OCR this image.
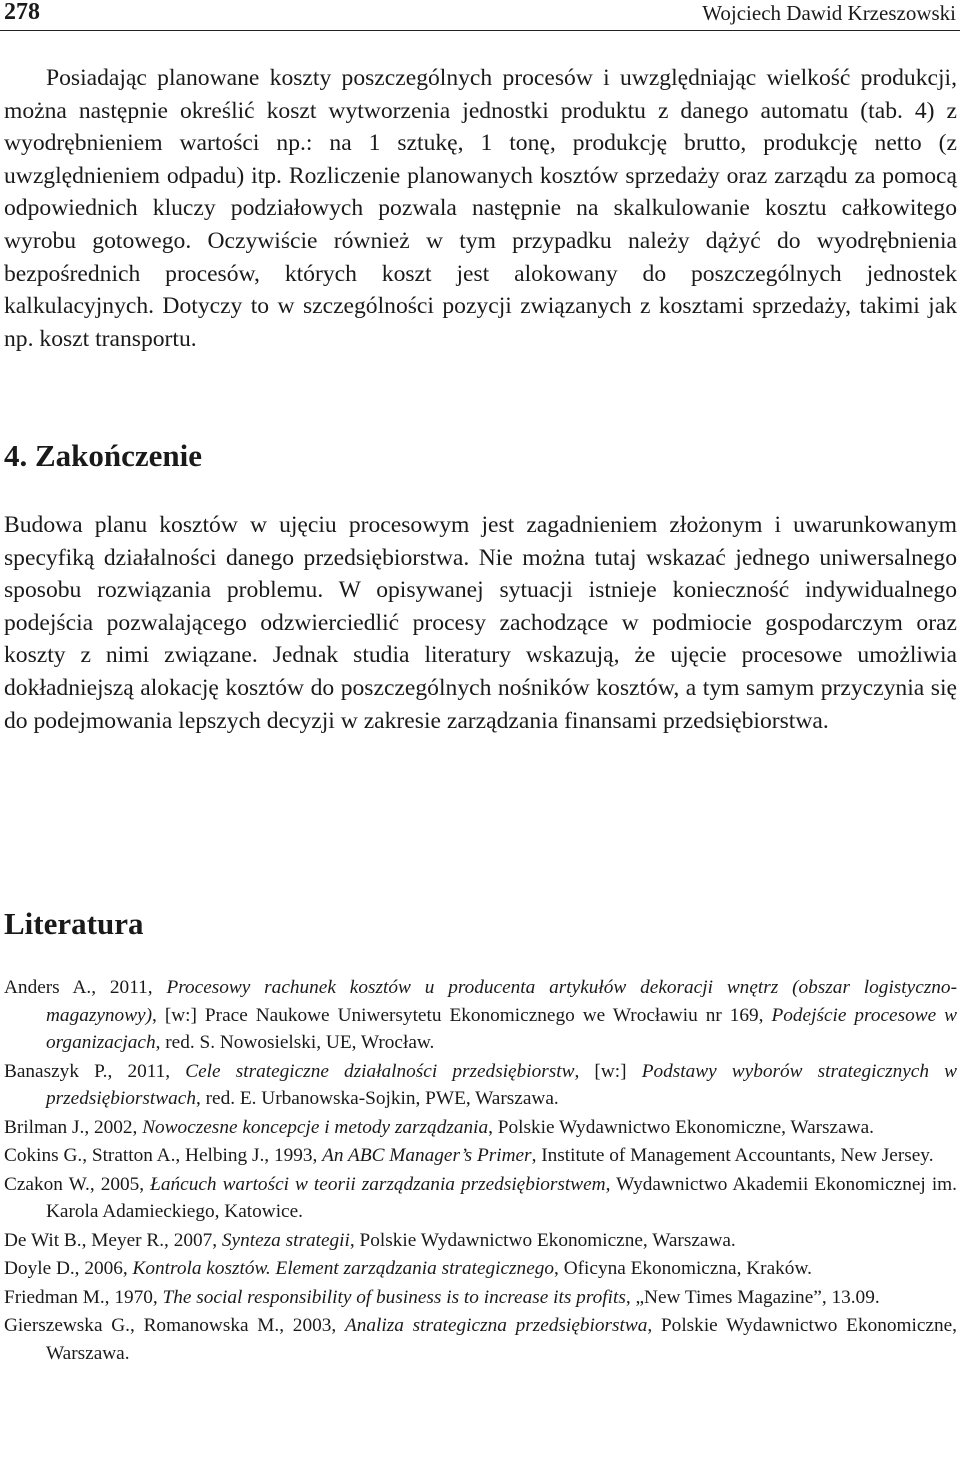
278	Wojciech Dawid Krzeszowski

Posiadając planowane koszty poszczególnych procesów i uwzględniając wielkość produkcji, można następnie określić koszt wytworzenia jednostki produktu z danego automatu (tab. 4) z wyodrębnieniem wartości np.: na 1 sztukę, 1 tonę, produkcję brutto, produkcję netto (z uwzględnieniem odpadu) itp. Rozliczenie planowanych kosztów sprzedaży oraz zarządu za pomocą odpowiednich kluczy podziałowych pozwala następnie na skalkulowanie kosztu całkowitego wyrobu gotowego. Oczywiście również w tym przypadku należy dążyć do wyodrębnienia bezpośrednich procesów, których koszt jest alokowany do poszczególnych jednostek kalkulacyjnych. Dotyczy to w szczególności pozycji związanych z kosztami sprzedaży, takimi jak np. koszt transportu.

4. Zakończenie

Budowa planu kosztów w ujęciu procesowym jest zagadnieniem złożonym i uwarunkowanym specyfiką działalności danego przedsiębiorstwa. Nie można tutaj wskazać jednego uniwersalnego sposobu rozwiązania problemu. W opisywanej sytuacji istnieje konieczność indywidualnego podejścia pozwalającego odzwierciedlić procesy zachodzące w podmiocie gospodarczym oraz koszty z nimi związane. Jednak studia literatury wskazują, że ujęcie procesowe umożliwia dokładniejszą alokację kosztów do poszczególnych nośników kosztów, a tym samym przyczynia się do podejmowania lepszych decyzji w zakresie zarządzania finansami przedsiębiorstwa.

Literatura
Anders A., 2011, Procesowy rachunek kosztów u producenta artykułów dekoracji wnętrz (obszar logistyczno-magazynowy), [w:] Prace Naukowe Uniwersytetu Ekonomicznego we Wrocławiu nr 169, Podejście procesowe w organizacjach, red. S. Nowosielski, UE, Wrocław.
Banaszyk P., 2011, Cele strategiczne działalności przedsiębiorstw, [w:] Podstawy wyborów strategicznych w przedsiębiorstwach, red. E. Urbanowska-Sojkin, PWE, Warszawa.
Brilman J., 2002, Nowoczesne koncepcje i metody zarządzania, Polskie Wydawnictwo Ekonomiczne, Warszawa.
Cokins G., Stratton A., Helbing J., 1993, An ABC Manager’s Primer, Institute of Management Accountants, New Jersey.
Czakon W., 2005, Łańcuch wartości w teorii zarządzania przedsiębiorstwem, Wydawnictwo Akademii Ekonomicznej im. Karola Adamieckiego, Katowice.
De Wit B., Meyer R., 2007, Synteza strategii, Polskie Wydawnictwo Ekonomiczne, Warszawa.
Doyle D., 2006, Kontrola kosztów. Element zarządzania strategicznego, Oficyna Ekonomiczna, Kraków.
Friedman M., 1970, The social responsibility of business is to increase its profits, „New Times Magazine”, 13.09.
Gierszewska G., Romanowska M., 2003, Analiza strategiczna przedsiębiorstwa, Polskie Wydawnictwo Ekonomiczne, Warszawa.
